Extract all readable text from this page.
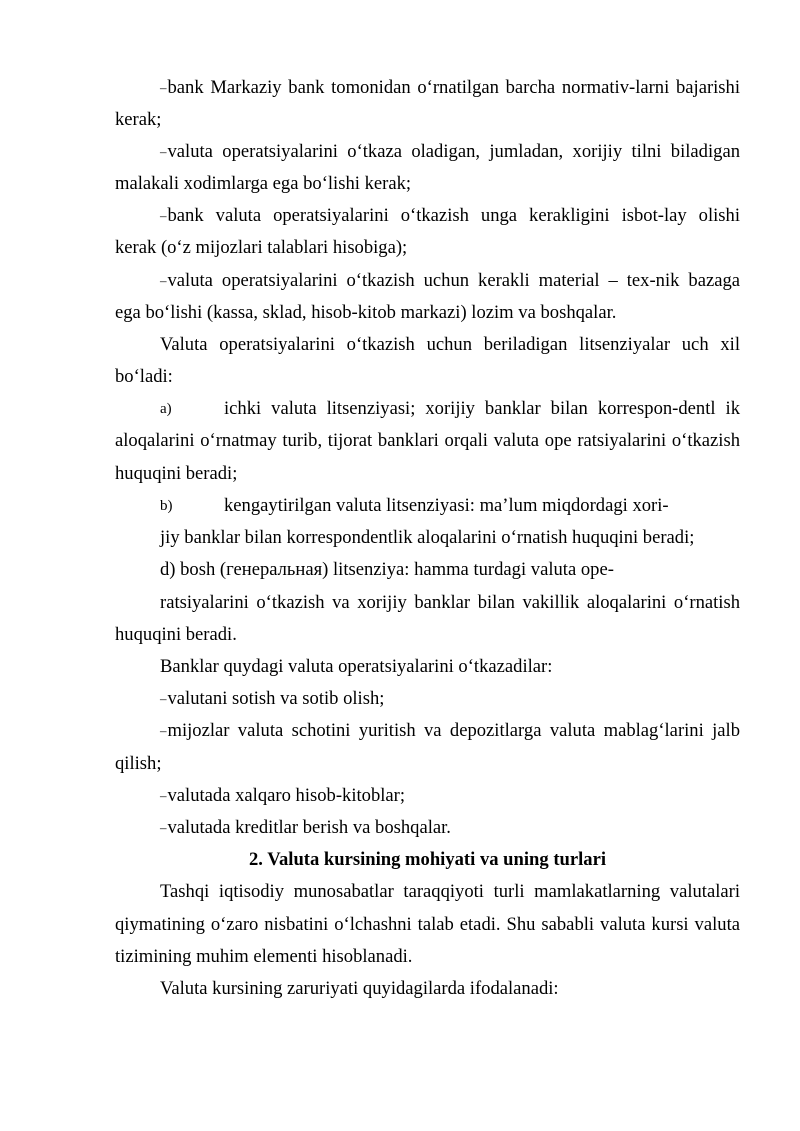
–bank Markaziy bank tomonidan o‘rnatilgan barcha normativ-larni bajarishi
kerak;
–valuta operatsiyalarini o‘tkaza oladigan, jumladan, xorijiy tilni biladigan
malakali xodimlarga ega bo‘lishi kerak;
–bank valuta operatsiyalarini o‘tkazish unga kerakligini isbot-lay olishi
kerak (o‘z mijozlari talablari hisobiga);
–valuta operatsiyalarini o‘tkazish uchun kerakli material – tex-nik bazaga
ega bo‘lishi (kassa, sklad, hisob-kitob markazi) lozim va boshqalar.
Valuta operatsiyalarini o‘tkazish uchun beriladigan litsenziyalar uch xil
bo‘ladi:
a)	ichki valuta litsenziyasi; xorijiy banklar bilan korrespon-dentl ik
aloqalarini o‘rnatmay turib, tijorat banklari orqali valuta ope ratsiyalarini o‘tkazish
huquqini beradi;
b)	kengaytirilgan valuta litsenziyasi: ma’lum miqdordagi xori-
jiy banklar bilan korrespondentlik aloqalarini o‘rnatish huquqini beradi;
d) bosh (генеральная) litsenziya: hamma turdagi valuta ope-
ratsiyalarini o‘tkazish va xorijiy banklar bilan vakillik aloqalarini o‘rnatish
huquqini beradi.
Banklar quydagi valuta operatsiyalarini o‘tkazadilar:
–valutani sotish va sotib olish;
–mijozlar valuta schotini yuritish va depozitlarga valuta mablag‘larini jalb
qilish;
–valutada xalqaro hisob-kitoblar;
–valutada kreditlar berish va boshqalar.
2. Valuta kursining mohiyati va uning turlari
Tashqi iqtisodiy munosabatlar taraqqiyoti turli mamlakatlarning valutalari
qiymatining o‘zaro nisbatini o‘lchashni talab etadi. Shu sababli valuta kursi valuta
tizimining muhim elementi hisoblanadi.
Valuta kursining zaruriyati quyidagilarda ifodalanadi:
